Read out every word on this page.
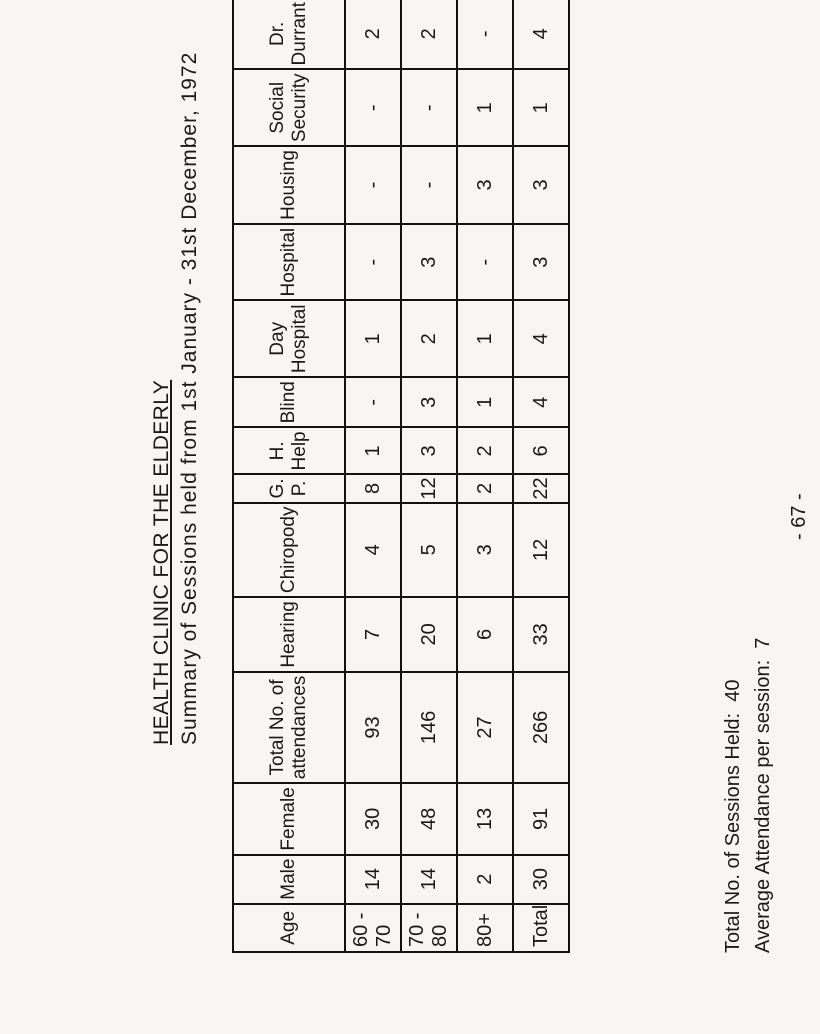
HEALTH CLINIC FOR THE ELDERLY Summary of Sessions held from 1st January - 31st December, 1972
Age	Male	Female	Total No. of attendances	Hearing	Chiropody	G. P.	H. Help	Blind	Day Hospital	Hospital	Housing	Social Security	Dr. Durrant	
60 - 70	14	30	93	7	4	8	1	-	1	-	-	-	2	
70 - 80	14	48	146	20	5	12	3	3	2	3	-	-	2	
80+	2	13	27	6	3	2	2	1	1	-	3	1	-	
Total	30	91	266	33	12	22	6	4	4	3	3	1	4	
- 67 -
Total No. of Sessions Held:  40 Average Attendance per session:  7
